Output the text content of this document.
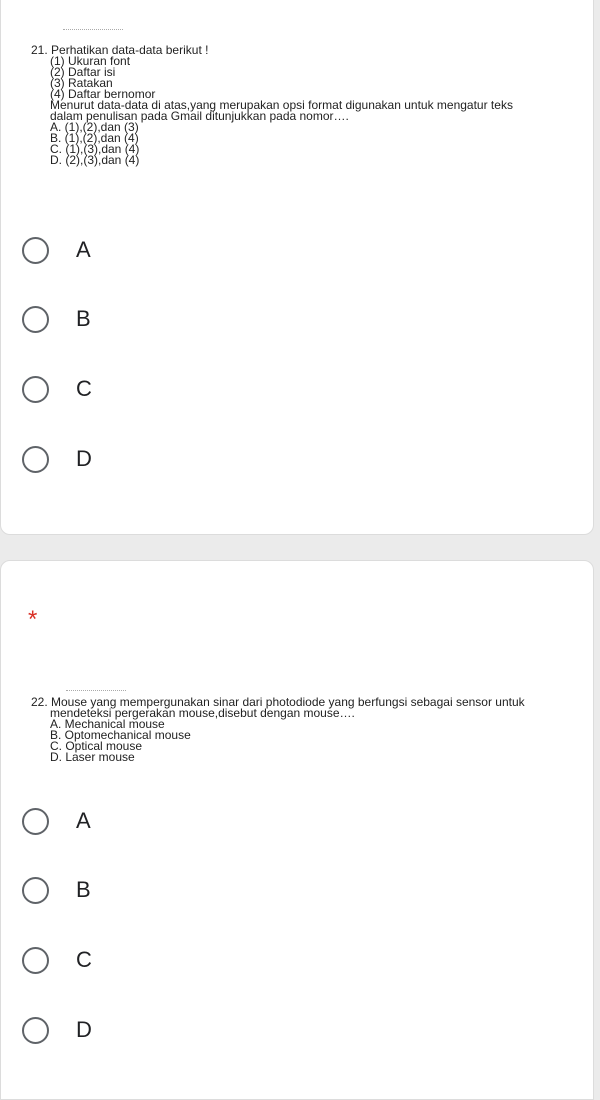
21. Perhatikan data-data berikut !
(1) Ukuran font
(2) Daftar isi
(3) Ratakan
(4) Daftar bernomor
Menurut data-data di atas,yang merupakan opsi format digunakan untuk mengatur teks
dalam penulisan pada Gmail ditunjukkan pada nomor….
A. (1),(2),dan (3)
B. (1),(2),dan (4)
C. (1),(3),dan (4)
D. (2),(3),dan (4)
A
B
C
D
*
22. Mouse yang mempergunakan sinar dari photodiode yang berfungsi sebagai sensor untuk
mendeteksi pergerakan mouse,disebut dengan mouse….
A. Mechanical mouse
B. Optomechanical mouse
C. Optical mouse
D. Laser mouse
A
B
C
D
